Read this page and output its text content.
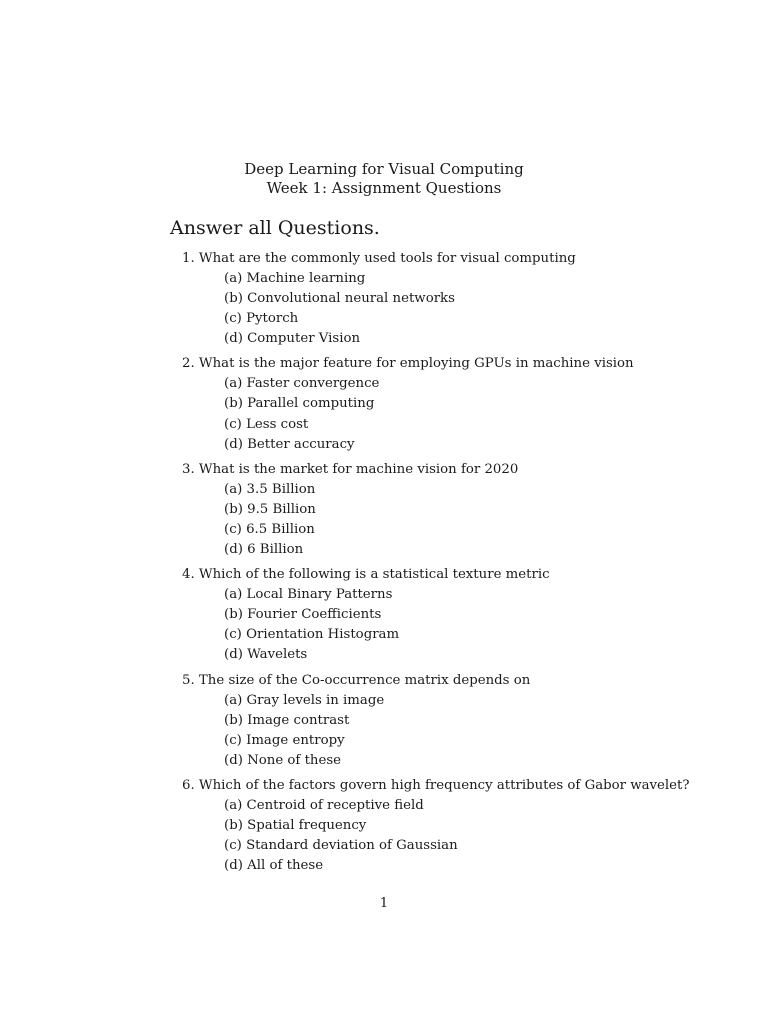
Deep Learning for Visual Computing
Week 1: Assignment Questions
Answer all Questions.
1. What are the commonly used tools for visual computing
(a) Machine learning
(b) Convolutional neural networks
(c) Pytorch
(d) Computer Vision
2. What is the major feature for employing GPUs in machine vision
(a) Faster convergence
(b) Parallel computing
(c) Less cost
(d) Better accuracy
3. What is the market for machine vision for 2020
(a) 3.5 Billion
(b) 9.5 Billion
(c) 6.5 Billion
(d) 6 Billion
4. Which of the following is a statistical texture metric
(a) Local Binary Patterns
(b) Fourier Coefficients
(c) Orientation Histogram
(d) Wavelets
5. The size of the Co-occurrence matrix depends on
(a) Gray levels in image
(b) Image contrast
(c) Image entropy
(d) None of these
6. Which of the factors govern high frequency attributes of Gabor wavelet?
(a) Centroid of receptive field
(b) Spatial frequency
(c) Standard deviation of Gaussian
(d) All of these
1
